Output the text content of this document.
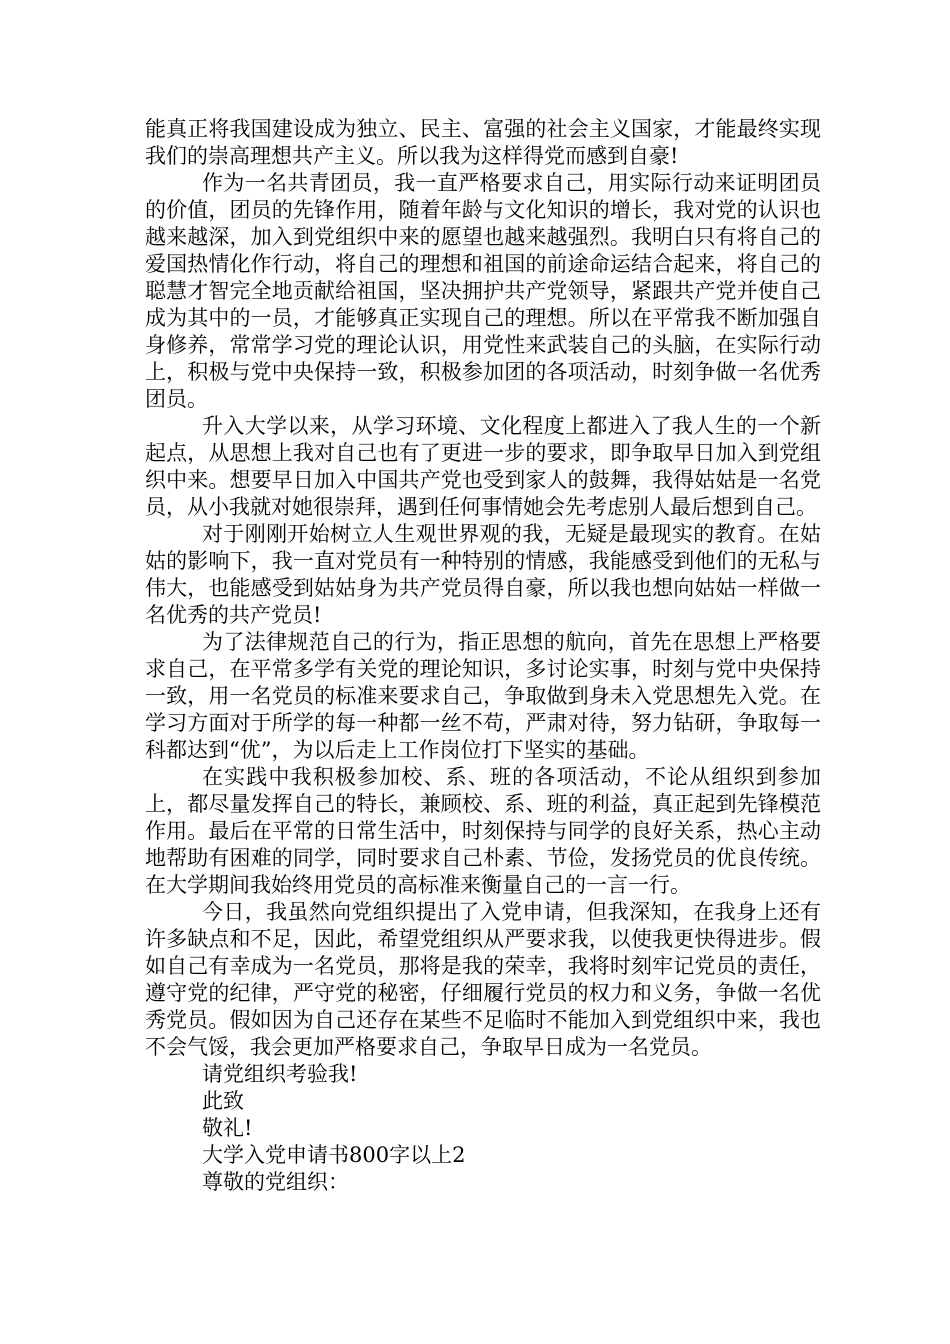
能真正将我国建设成为独立、民主、富强的社会主义国家，才能最终实现我们的崇高理想共产主义。所以我为这样得党而感到自豪!

作为一名共青团员，我一直严格要求自己，用实际行动来证明团员的价值，团员的先锋作用，随着年龄与文化知识的增长，我对党的认识也越来越深，加入到党组织中来的愿望也越来越强烈。我明白只有将自己的爱国热情化作行动，将自己的理想和祖国的前途命运结合起来，将自己的聪慧才智完全地贡献给祖国，坚决拥护共产党领导，紧跟共产党并使自己成为其中的一员，才能够真正实现自己的理想。所以在平常我不断加强自身修养，常常学习党的理论认识，用党性来武装自己的头脑，在实际行动上，积极与党中央保持一致，积极参加团的各项活动，时刻争做一名优秀团员。

升入大学以来，从学习环境、文化程度上都进入了我人生的一个新起点，从思想上我对自己也有了更进一步的要求，即争取早日加入到党组织中来。想要早日加入中国共产党也受到家人的鼓舞，我得姑姑是一名党员，从小我就对她很崇拜，遇到任何事情她会先考虑别人最后想到自己。

对于刚刚开始树立人生观世界观的我，无疑是最现实的教育。在姑姑的影响下，我一直对党员有一种特别的情感，我能感受到他们的无私与伟大，也能感受到姑姑身为共产党员得自豪，所以我也想向姑姑一样做一名优秀的共产党员!

为了法律规范自己的行为，指正思想的航向，首先在思想上严格要求自己，在平常多学有关党的理论知识，多讨论实事，时刻与党中央保持一致，用一名党员的标准来要求自己，争取做到身未入党思想先入党。在学习方面对于所学的每一种都一丝不苟，严肃对待，努力钻研，争取每一科都达到“优”，为以后走上工作岗位打下坚实的基础。

在实践中我积极参加校、系、班的各项活动，不论从组织到参加上，都尽量发挥自己的特长，兼顾校、系、班的利益，真正起到先锋模范作用。最后在平常的日常生活中，时刻保持与同学的良好关系，热心主动地帮助有困难的同学，同时要求自己朴素、节俭，发扬党员的优良传统。在大学期间我始终用党员的高标准来衡量自己的一言一行。

今日，我虽然向党组织提出了入党申请，但我深知，在我身上还有许多缺点和不足，因此，希望党组织从严要求我，以使我更快得进步。假如自己有幸成为一名党员，那将是我的荣幸，我将时刻牢记党员的责任，遵守党的纪律，严守党的秘密，仔细履行党员的权力和义务，争做一名优秀党员。假如因为自己还存在某些不足临时不能加入到党组织中来，我也不会气馁，我会更加严格要求自己，争取早日成为一名党员。

请党组织考验我!

此致

敬礼!

大学入党申请书800字以上2

尊敬的党组织：
